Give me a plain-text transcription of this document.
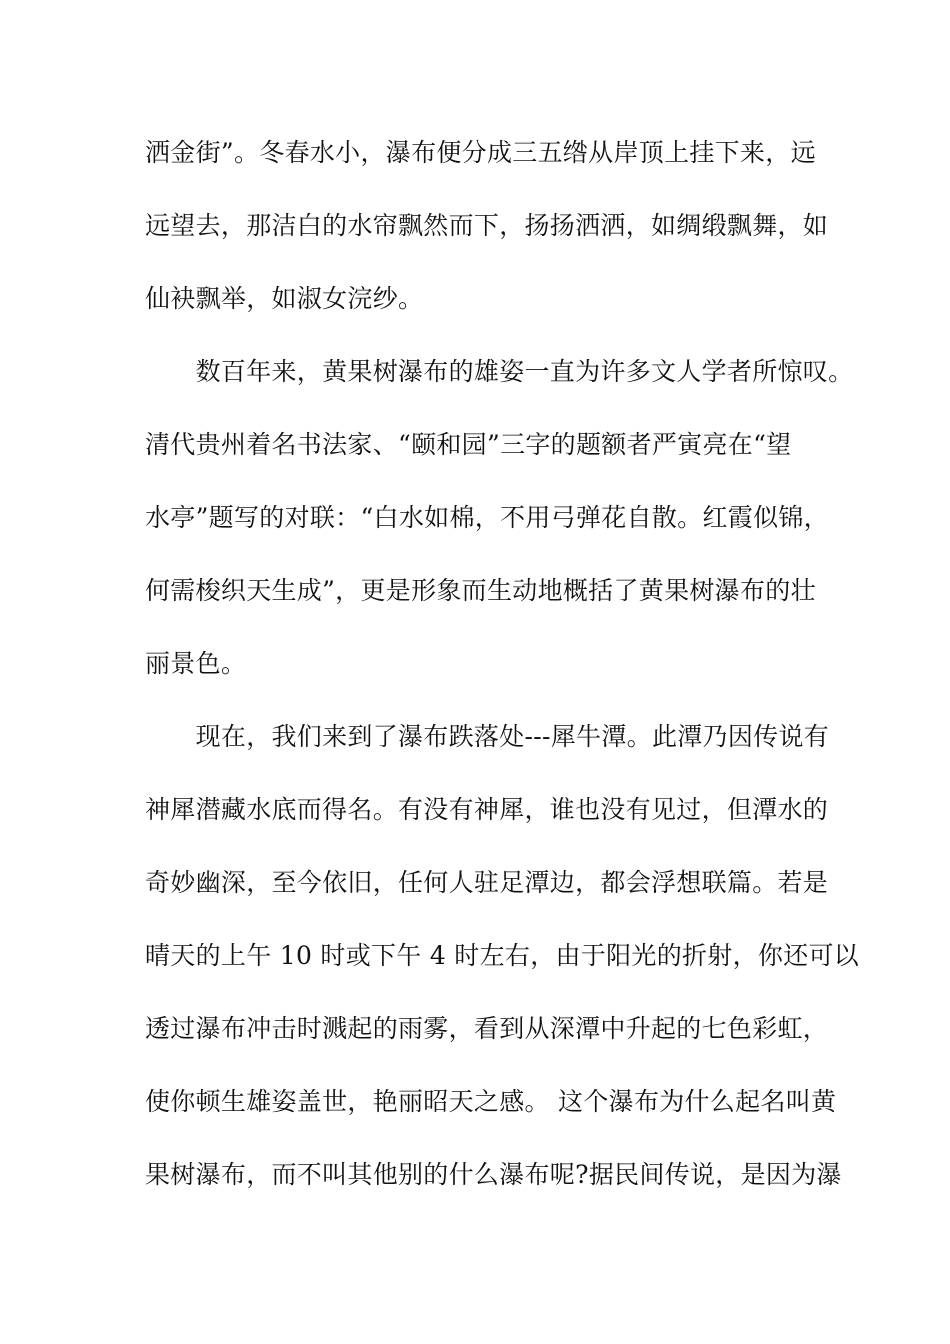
洒金街”。冬春水小，瀑布便分成三五绺从岸顶上挂下来，远
远望去，那洁白的水帘飘然而下，扬扬洒洒，如绸缎飘舞，如
仙袂飘举，如淑女浣纱。
　　数百年来，黄果树瀑布的雄姿一直为许多文人学者所惊叹。
清代贵州着名书法家、“颐和园”三字的题额者严寅亮在“望
水亭”题写的对联：“白水如棉，不用弓弹花自散。红霞似锦，
何需梭织天生成”，更是形象而生动地概括了黄果树瀑布的壮
丽景色。
　　现在，我们来到了瀑布跌落处---犀牛潭。此潭乃因传说有
神犀潜藏水底而得名。有没有神犀，谁也没有见过，但潭水的
奇妙幽深，至今依旧，任何人驻足潭边，都会浮想联篇。若是
晴天的上午 10 时或下午 4 时左右，由于阳光的折射，你还可以
透过瀑布冲击时溅起的雨雾，看到从深潭中升起的七色彩虹，
使你顿生雄姿盖世，艳丽昭天之感。 这个瀑布为什么起名叫黄
果树瀑布，而不叫其他别的什么瀑布呢?据民间传说，是因为瀑
